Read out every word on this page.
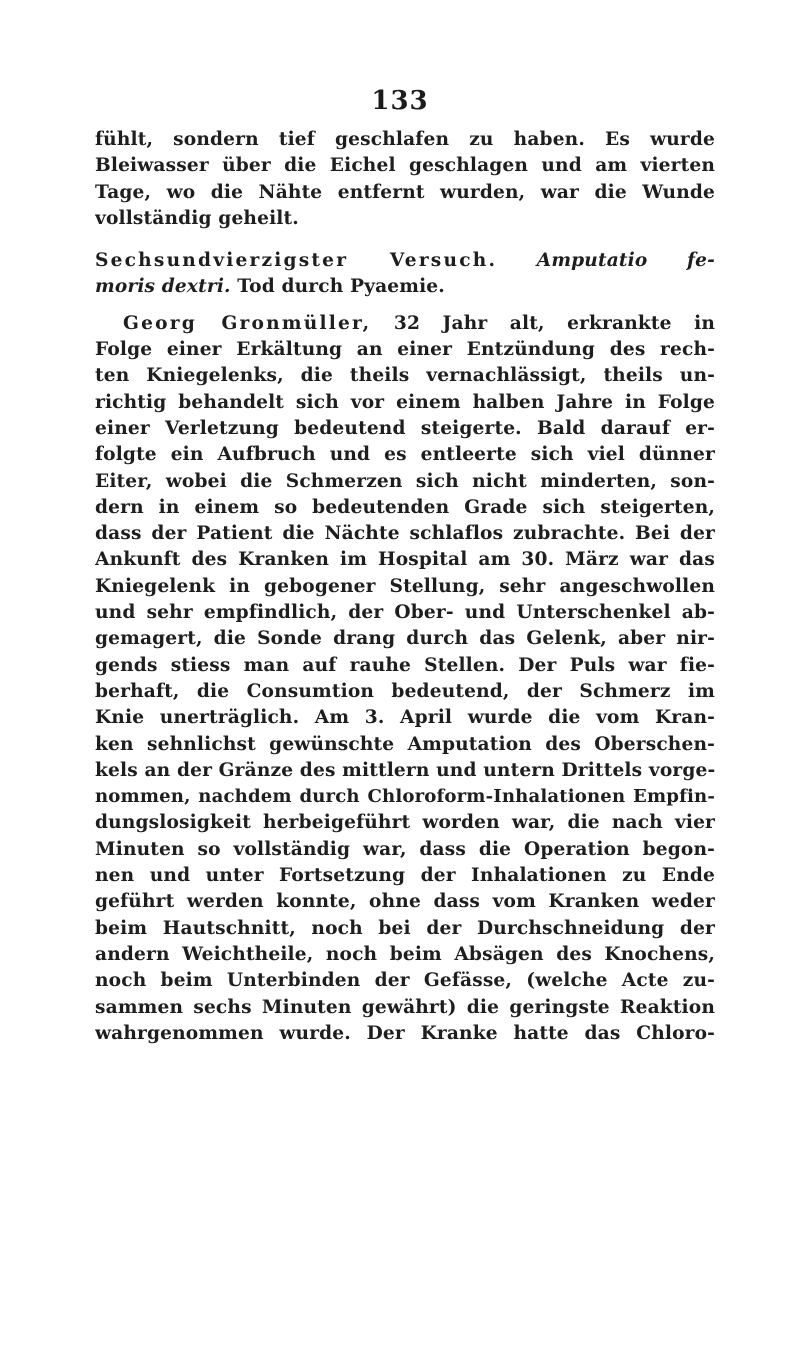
133
fühlt, sondern tief geschlafen zu haben. Es wurde
Bleiwasser über die Eichel geschlagen und am vierten
Tage, wo die Nähte entfernt wurden, war die Wunde
vollständig geheilt.
Sechsundvierzigster Versuch. Amputatio fe-
moris dextri. Tod durch Pyaemie.
Georg Gronmüller, 32 Jahr alt, erkrankte in
Folge einer Erkältung an einer Entzündung des rech-
ten Kniegelenks, die theils vernachlässigt, theils un-
richtig behandelt sich vor einem halben Jahre in Folge
einer Verletzung bedeutend steigerte. Bald darauf er-
folgte ein Aufbruch und es entleerte sich viel dünner
Eiter, wobei die Schmerzen sich nicht minderten, son-
dern in einem so bedeutenden Grade sich steigerten,
dass der Patient die Nächte schlaflos zubrachte. Bei der
Ankunft des Kranken im Hospital am 30. März war das
Kniegelenk in gebogener Stellung, sehr angeschwollen
und sehr empfindlich, der Ober- und Unterschenkel ab-
gemagert, die Sonde drang durch das Gelenk, aber nir-
gends stiess man auf rauhe Stellen. Der Puls war fie-
berhaft, die Consumtion bedeutend, der Schmerz im
Knie unerträglich. Am 3. April wurde die vom Kran-
ken sehnlichst gewünschte Amputation des Oberschen-
kels an der Gränze des mittlern und untern Drittels vorge-
nommen, nachdem durch Chloroform-Inhalationen Empfin-
dungslosigkeit herbeigeführt worden war, die nach vier
Minuten so vollständig war, dass die Operation begon-
nen und unter Fortsetzung der Inhalationen zu Ende
geführt werden konnte, ohne dass vom Kranken weder
beim Hautschnitt, noch bei der Durchschneidung der
andern Weichtheile, noch beim Absägen des Knochens,
noch beim Unterbinden der Gefässe, (welche Acte zu-
sammen sechs Minuten gewährt) die geringste Reaktion
wahrgenommen wurde. Der Kranke hatte das Chloro-
